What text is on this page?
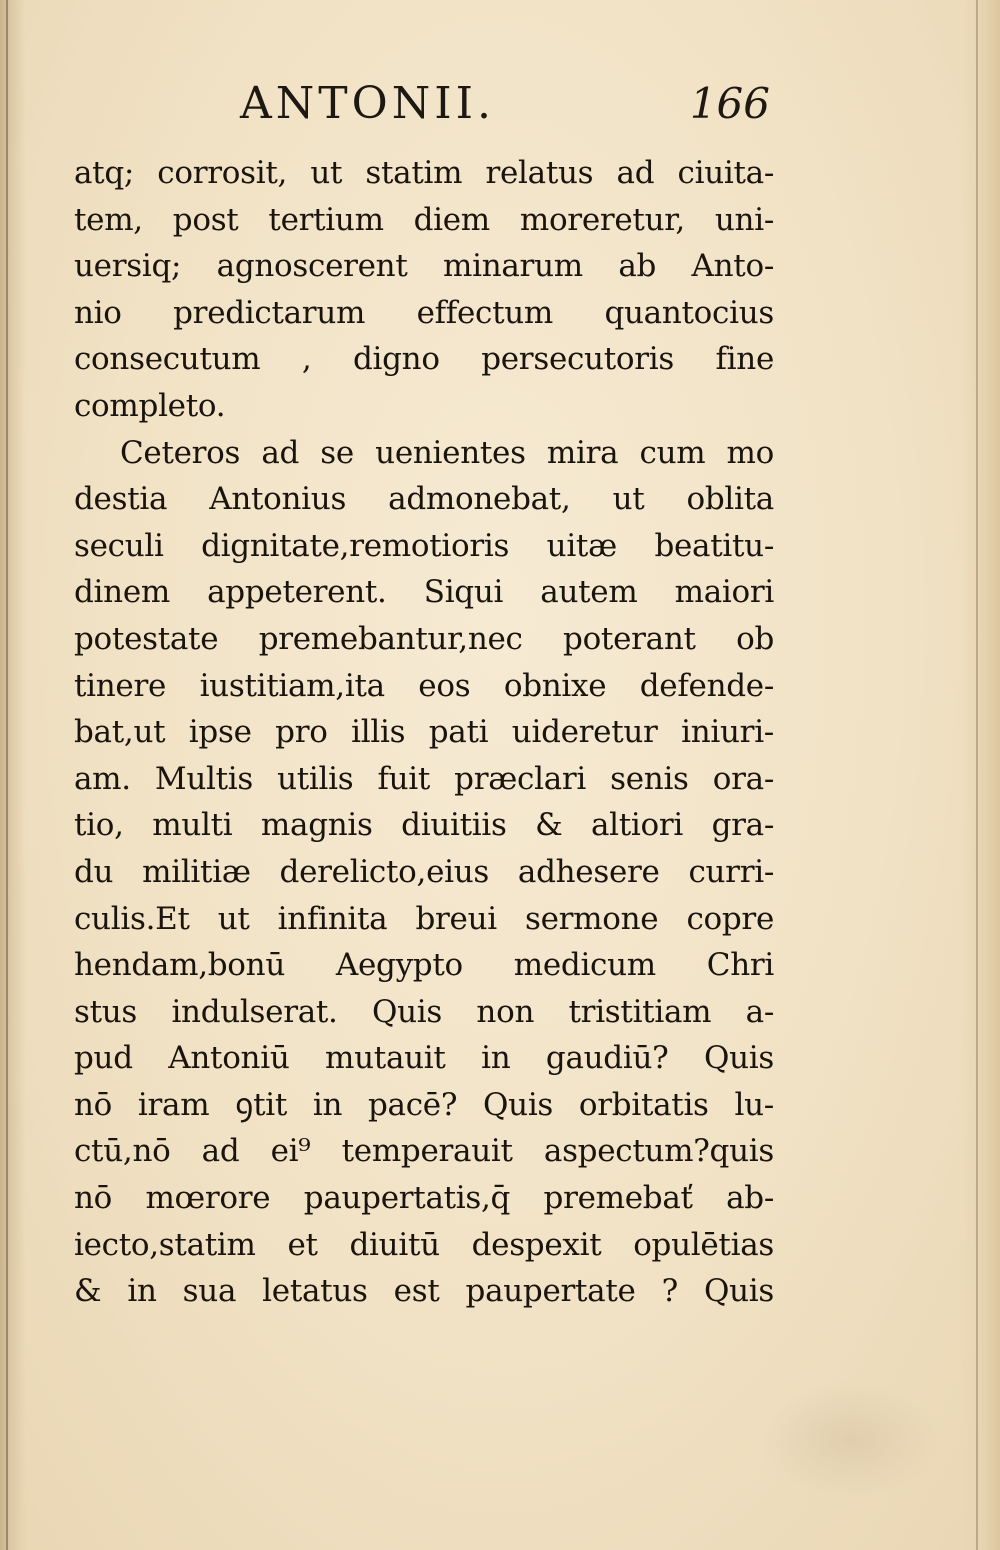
ANTONII.	166
atq; corrosit, ut statim relatus ad ciuita-
tem, post tertium diem moreretur, uni-
uersiq; agnoscerent minarum ab Anto-
nio predictarum effectum quantocius
consecutum , digno persecutoris fine
completo.
Ceteros ad se uenientes mira cum mo
destia Antonius admonebat, ut oblita
seculi dignitate,remotioris uitæ beatitu-
dinem appeterent. Siqui autem maiori
potestate premebantur,nec poterant ob
tinere iustitiam,ita eos obnixe defende-
bat,ut ipse pro illis pati uideretur iniuri-
am. Multis utilis fuit præclari senis ora-
tio, multi magnis diuitiis & altiori gra-
du militiæ derelicto,eius adhesere curri-
culis.Et ut infinita breui sermone copre
hendam,bonū Aegypto medicum Chri
stus indulserat. Quis non tristitiam a-
pud Antoniū mutauit in gaudiū? Quis
nō iram ꝯtit in pacē? Quis orbitatis lu-
ctū,nō ad ei⁹ temperauit aspectum?quis
nō mœrore paupertatis,q̄ premebať ab-
iecto,statim et diuitū despexit opulētias
& in sua letatus est paupertate ? Quis
